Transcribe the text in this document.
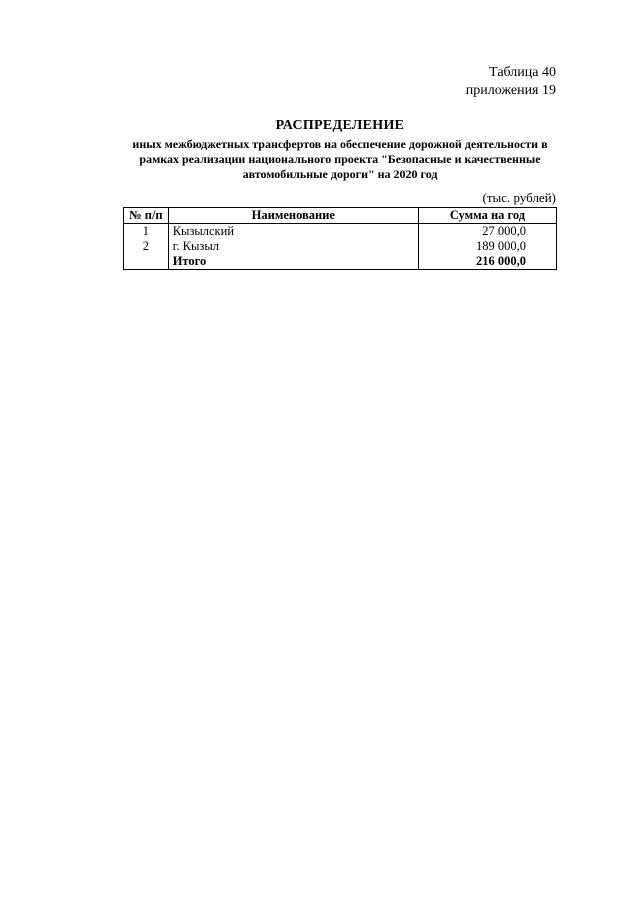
Таблица 40
приложения 19
РАСПРЕДЕЛЕНИЕ
иных межбюджетных трансфертов на обеспечение дорожной деятельности в
рамках реализации национального проекта "Безопасные и качественные
автомобильные дороги" на 2020 год
(тыс. рублей)
№ п/п	Наименование	Сумма на год
1	Кызылский	27 000,0
2	г. Кызыл	189 000,0
	Итого	216 000,0
